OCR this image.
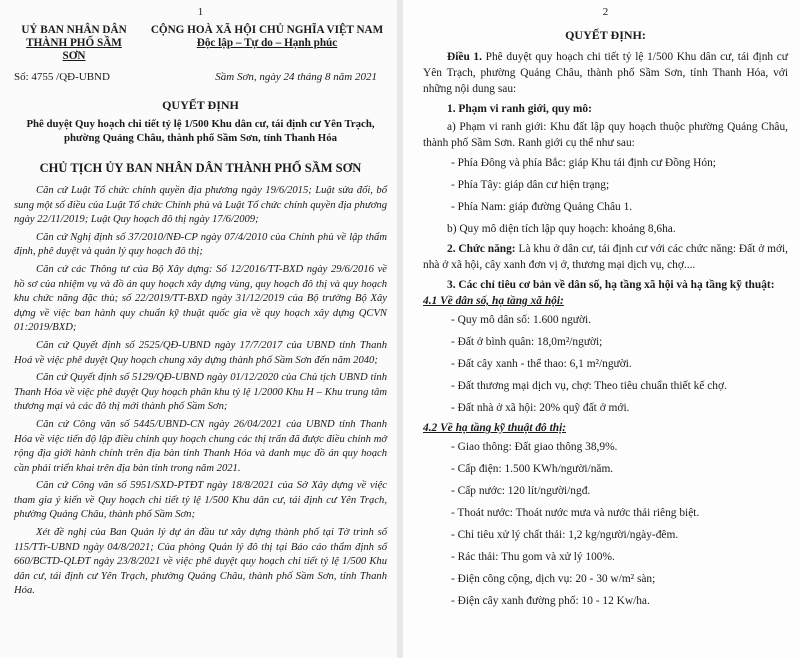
1
UỶ BAN NHÂN DÂN
THÀNH PHỐ SẦM SƠN
CỘNG HOÀ XÃ HỘI CHỦ NGHĨA VIỆT NAM
Độc lập – Tự do – Hạnh phúc
Số: 4755 /QĐ-UBND	Sầm Sơn, ngày 24 tháng 8 năm 2021
QUYẾT ĐỊNH
Phê duyệt Quy hoạch chi tiết tỷ lệ 1/500 Khu dân cư, tái định cư Yên Trạch,
phường Quảng Châu, thành phố Sầm Sơn, tỉnh Thanh Hóa
CHỦ TỊCH ỦY BAN NHÂN DÂN THÀNH PHỐ SẦM SƠN

Căn cứ Luật Tổ chức chính quyền địa phương ngày 19/6/2015; Luật sửa đổi, bổ sung một số điều của Luật Tổ chức Chính phủ và Luật Tổ chức chính quyền địa phương ngày 22/11/2019; Luật Quy hoạch đô thị ngày 17/6/2009;

Căn cứ Nghị định số 37/2010/NĐ-CP ngày 07/4/2010 của Chính phủ về lập thẩm định, phê duyệt và quản lý quy hoạch đô thị;

Căn cứ các Thông tư của Bộ Xây dựng: Số 12/2016/TT-BXD ngày 29/6/2016 về hồ sơ của nhiệm vụ và đồ án quy hoạch xây dựng vùng, quy hoạch đô thị và quy hoạch khu chức năng đặc thù; số 22/2019/TT-BXD ngày 31/12/2019 của Bộ trưởng Bộ Xây dựng về việc ban hành quy chuẩn kỹ thuật quốc gia về quy hoạch xây dựng QCVN 01:2019/BXD;

Căn cứ Quyết định số 2525/QĐ-UBND ngày 17/7/2017 của UBND tỉnh Thanh Hoá về việc phê duyệt Quy hoạch chung xây dựng thành phố Sầm Sơn đến năm 2040;

Căn cứ Quyết định số 5129/QĐ-UBND ngày 01/12/2020 của Chủ tịch UBND tỉnh Thanh Hóa về việc phê duyệt Quy hoạch phân khu tỷ lệ 1/2000 Khu H – Khu trung tâm thương mại và các đô thị mới thành phố Sầm Sơn;

Căn cứ Công văn số 5445/UBND-CN ngày 26/04/2021 của UBND tỉnh Thanh Hóa về việc tiến độ lập điều chỉnh quy hoạch chung các thị trấn đã được điều chỉnh mở rộng địa giới hành chính trên địa bàn tỉnh Thanh Hóa và danh mục đồ án quy hoạch cần phải triển khai trên địa bàn tỉnh trong năm 2021.

Căn cứ Công văn số 5951/SXD-PTĐT ngày 18/8/2021 của Sở Xây dựng về việc tham gia ý kiến về Quy hoạch chi tiết tỷ lệ 1/500 Khu dân cư, tái định cư Yên Trạch, phường Quảng Châu, thành phố Sầm Sơn;

Xét đề nghị của Ban Quản lý dự án đầu tư xây dựng thành phố tại Tờ trình số 115/TTr-UBND ngày 04/8/2021; Của phòng Quản lý đô thị tại Báo cáo thẩm định số 660/BCTD-QLĐT ngày 23/8/2021 về việc phê duyệt quy hoạch chi tiết tỷ lệ 1/500 Khu dân cư, tái định cư Yên Trạch, phường Quảng Châu, thành phố Sầm Sơn, tỉnh Thanh Hóa.

2
QUYẾT ĐỊNH:

Điều 1. Phê duyệt quy hoạch chi tiết tỷ lệ 1/500 Khu dân cư, tái định cư Yên Trạch, phường Quảng Châu, thành phố Sầm Sơn, tỉnh Thanh Hóa, với những nội dung sau:

1. Phạm vi ranh giới, quy mô:

a) Phạm vi ranh giới: Khu đất lập quy hoạch thuộc phường Quảng Châu, thành phố Sầm Sơn. Ranh giới cụ thể như sau:

- Phía Đông và phía Bắc: giáp Khu tái định cư Đồng Hón;
- Phía Tây: giáp dân cư hiện trạng;
- Phía Nam: giáp đường Quảng Châu 1.

b) Quy mô diện tích lập quy hoạch: khoảng 8,6ha.

2. Chức năng: Là khu ở dân cư, tái định cư với các chức năng: Đất ở mới, nhà ở xã hội, cây xanh đơn vị ở, thương mại dịch vụ, chợ....

3. Các chỉ tiêu cơ bản về dân số, hạ tầng xã hội và hạ tầng kỹ thuật:
4.1 Về dân số, hạ tầng xã hội:
- Quy mô dân số: 1.600 người.
- Đất ở bình quân: 18,0m²/người;
- Đất cây xanh - thể thao: 6,1 m²/người.
- Đất thương mại dịch vụ, chợ: Theo tiêu chuẩn thiết kế chợ.
- Đất nhà ở xã hội: 20% quỹ đất ở mới.
4.2 Về hạ tầng kỹ thuật đô thị:
- Giao thông: Đất giao thông 38,9%.
- Cấp điện: 1.500 KWh/người/năm.
- Cấp nước: 120 lít/người/ngđ.
- Thoát nước: Thoát nước mưa và nước thải riêng biệt.
- Chỉ tiêu xử lý chất thải: 1,2 kg/người/ngày-đêm.
- Rác thải: Thu gom và xử lý 100%.
- Điện công cộng, dịch vụ: 20 - 30 w/m² sàn;
- Điện cây xanh đường phố: 10 - 12 Kw/ha.
